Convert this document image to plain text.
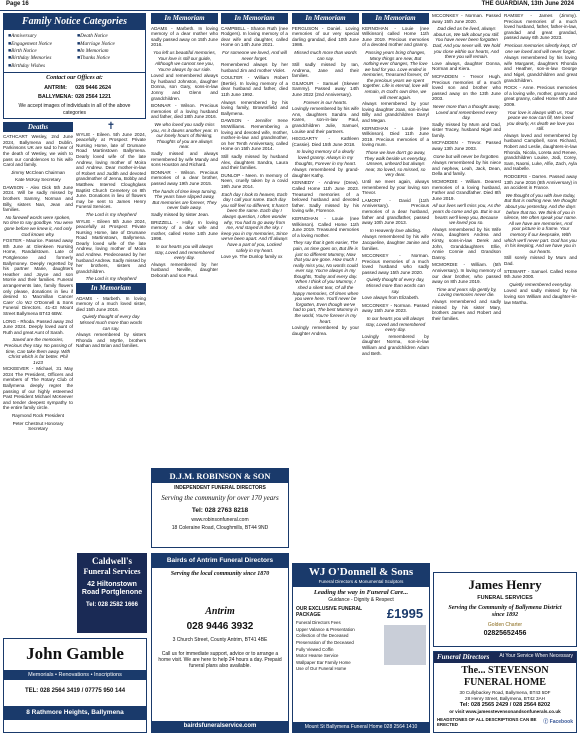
Page 16	THE GUARDIAN, 13th June 2024
Family Notice Categories
■ Anniversary
■ Engagement Notice
■ Birth Notice
■ Birthday Memories
■ Birthday Wishes
■ Death Notice
■ Marriage Notice
■ In Memoriam
■ Thanks Notice
Contact our Offices at:
ANTRIM:	028 9446 2624
BALLYMENA:	028 2564 1221
We accept images of individuals in all of the above categories
Deaths

CATHCART Wesley, 2nd June 2024, Ballymena and Dublin. Parkinsons UK are sad to hear of the death of Wesley, we wish to pass our condolences to his wife Carol and family.

Jimmy McClean Chairman

Kate McKay Secretary

DAWSON - Alex Dick 5th June 2024. Will be sadly missed by brothers Sammy, Norman and Billy, sisters Nan, Jean and families.

No farewell words were spoken, No time to say goodbye. You were gone before we knew it, And only God knows why.

FOSTER - Maurice. Passed away 8th June at Glenkeen Nursing Home, Randalstown. Late of Portglenone and formerly Ballymoney. Deeply regretted by his partner Marie, daughters Heather and Joyce and son Morrie and their families. Funeral arrangements late, family flowers only please, donations in lieu if desired to 'Macmillan Cancer Care' c/o WJ O'Donnell & Sons Funeral Directors. 41-43 Mount Street Ballymena BT43 6BW.

LONG - Rhoda. Passed away 2nd June 2024. Deeply loved aunt of Ruth and great Aunt of Sarah.

Saved are the memories, Precious they stay. No passing of time, Can take them away. With Christ which is far better. Phil 1v23

MCKEEVER - Michael, 31 May 2024 The President, Officers and members of The Rotary Club of Ballymena deeply regret the passing of our highly esteemed Past President Michael McKeever and tender deepest sympathy to the entire family circle.

Raymond Rock President

Peter Chestnut Honorary Secretary

✝

WYLIE - Eileen. 5th June 2024, peacefully at Prospect Private Nursing Home, late of Drumane Road Martinstown Ballymena. Dearly loved wife of the late Andrew, loving mother of Moira and Andrew. Dear mother-in-law of Robert and Judith and devoted grandmother of Jenna, Bobby and Matthew. Interred Cloughglass Baptist Church Cemetery on 8th June. Donations in lieu of flowers may be sent to James Henry Funeral Services.

The Lord is my shepherd

WYLIE - Eileen 5th June 2024, peacefully at Prospect Private Nursing Home, late of Drumane Road Martinstown, Ballymena. Dearly loved wife of the late Andrew, loving mother of Moira and Andrew. Predeceased by her husband Andrew. Sadly missed by her brothers, sisters and grandchildren.

The Lord is my shepherd

In Memoriam

ADAMS - Marbeth. In loving memory of a much loved sister, died 15th June 2016.

Quietly thought of every day Missed much more than words can say.

Always remembered by sisters Rhonda and Myrtle, brothers Nathan and Brian and families.

Caldwell's
Funeral Services
42 Hiltonstown Road Portglenone
Tel: 028 2582 1666
John Gamble
Memorials • Renovations • Inscriptions
TEL: 028 2564 3419 / 07775 950 144
8 Rathmore Heights, Ballymena
In Memoriam

ADAMS - Marbeth. In loving memory of a dear mother who sadly passed away on 15th June 2016.

You left us beautiful memories, Your love is still our guide, Although we cannot see you, You're always by our side.

Loved and remembered always by husband Johnston, daughter Donna, son Gary, sons-in-law Jonny and Glenn and grandchildren.

BONNAR - Wilson. Precious memories of a loving husband and father, died 18th June 2016.

We who loved you sadly miss you, As it dawns another year. In our lonely hours of thinking, Thoughts of you are always near.

Sadly missed and always remembered by wife Mandy and sons Houston and Richard.

BONNAR - Wilson. Precious memories of a dear brother, passed away 19th June 2015.

The hands of time keep turning, The years have slipped away, But memories are forever, They never fade away.

Sadly missed by sister Jean.

BRIZZELL - Holly. In loving memory of a dear wife and mother, called Home 14th June 1998.

In our hearts you will always stay, Loved and remembered every day.

Always remembered by her husband Neville, daughter Deborah and son Paul.

In Memoriam

CAMPBELL - Sharon Ruth (nee Rodgers). In loving memory of a dear wife and daughter, called Home on 14th June 2021.

For someone we loved, And will never forget.

Remembered always by her husband Jim and mother Violet.

COULTER - William Robert (Bertie). In loving memory of a dear husband and father, died 11th June 1992.

Always remembered by his loving family, Brownsfield and Ballymena.

DAWSON - Jennifer Irene McWilliams. Remembering a loving and devoted wife, mother, mother-in-law and grandmother, on her Tenth Anniversary, called Home on 15th June 2014.

Still sadly missed by husband Alex, daughters Sandra, Laura and their families.

DUNLOP - Neen. In memory of Neen, cruelly taken by a covid 19th June 2014.

Each day I look to heaven, Each day I call your name. Each day you still feel so different, It hasn't been the same. Each day I always question, I often wonder why, You had to go away from me, And stayed in the sky. I keep you in my memories, Since we've been apart. And I'll always have a part of you, Locked safely in my heart.

Love ye. The Dunlop family xx

D.J.M. ROBINSON & SON
INDEPENDENT FUNERAL DIRECTORS
Serving the community for over 170 years
Tel: 028 2763 8218
www.robinsonfuneral.com
18 Coleraine Road, Cloughmills, BT44 9ND
Bairds of Antrim Funeral Directors
Serving the local community since 1870
Antrim
028 9446 3932
3 Church Street, County Antrim, BT41 4BE
Call us for immediate support, advice or to arrange a home visit. We are here to help 24 hours a day. Prepaid funeral plans also available.
bairdsfuneralservice.com
In Memoriam

FERGUSON - Daniel. Loving memories of our very special darling grandad, died 10th June 1986.

Missed much more than words can say.

Still sadly missed by Ian, Andrena, Jane and their families.

GILMOUR - Samuel (Skewer Sammy). Passed away 14th June 2022 (2nd Anniversary).

Forever in our hearts.

Lovingly remembered by his wife Ann, daughters Sandra and Karen, son-in-law Paul, grandchildren Julie, Samuel, Louise and their partners.

HEGGARTY - Kathleen (Cassie). Died 15th June 2018.

In loving memory of a dearly loved granny. Always in my thoughts, Forever in my heart.

Always remembered by grand-daughter Kathy.

KENNEDY - Andrew (Drew). Called Home 11th June 2023. Treasured memories of a beloved husband and devoted father. Sadly missed by his loving wife, Florence.

KERNOHAN - Louie (nee Wilkinson). Called Home 11th June 2019. Treasured memories of a loving mother.

They say that it gets easier, The pain, as time goes on, But life is just so different Mummy, Now that you are gone. How much I really miss you, No words could ever say, You're always in my thoughts, Today and every day. When I think of you Mummy, I shed a silent tear, Of all the happy memories, Of times when you were here. You'll never be forgotten, Even though we've had to part, The best Mummy in the world, You're forever in my heart.

Lovingly remembered by your daughter Andrea.

In Memoriam

KERNOHAN - Louie (nee Wilkinson) called Home 11th June 2019. Precious memories of a devoted mother and granny.

Passing years bring changes, Many things are new, But nothing ever changes, The love we had for you. Love ended in memories, Treasured forever, Of the precious years we spent together. Life is eternal, love will remain, In God's own time, we will meet again.

Always remembered by your loving daughter Joan, son-in-law Billy and grandchildren Darryl and Megan.

KERNOHAN - Louie (nee Wilkinson). Died 11th June 2019. Precious memories of a loving mum.

Those we love don't go away, They walk beside us everyday, Unseen, unheard but always near, So loved, so missed, so very dear.

Until we meet again, always remembered by your loving son Trevor.

LAMONT - David (11th Anniversary). Precious memories of a dear husband, father and grandfather, passed away 10th June 2013.

In Heavenly love abiding.

Always remembered by his wife Jacqueline, daughter Janine and families.

MCCONKEY - Norman. Precious memories of a much loved husband who sadly passed away 15th June 2020.

Quietly thought of every day, Missed more than words can say.

Love always from Elizabeth.

MCCONKEY - Norman. Passed away 15th June 2023.

In our hearts you will always stay, Loved and remembered every day.

Lovingly remembered by daughter Norma, son-in-law William and grandchildren Adam and Beth.

WJ O'Donnell & Sons
Funeral Directors & Monumental Sculptors
Leading the way in Funeral Care...
Guidance - Dignity & Respect
OUR EXCLUSIVE FUNERAL PACKAGE
Funeral Directors Fees
Upper Valance & Presentation
Collection of the Deceased
Preservation of the Deceased
Fully Viewed Coffin
Motor Hearse Service
Wallpaper Ear Family Home
Use of Our Funeral Home
£1995
Mount St Ballymena Funeral Home 028 2564 1410

MCCONKEY - Norman. Passed away 15th June 2020.

Dad died as he lived, always about us, We talk about you still. You have never been forgotten Dad, And you never will. We hold you close within our hearts, And there you will remain.

Love always, daughter Donna, Norman and Kiera.

MCFADDEN - Trevor Hugh. Precious memories of a much loved son and brother who passed away on the 13th June 2003.

Never more than a thought away, Loved and remembered every day.

Sadly missed by Mum and Dad, sister Tracey, husband Nigel and family.

MCFADDEN - Trevor. Passed away 13th June 2003.

Gone but will never be forgotten.

Always remembered by his niece and nephew, Leah, Jack, Dean, Della and family.

MCMORDIE - William. Dearest memories of a loving husband, Father and Grandfather. Died 8th June 2019.

All our lives we'll miss you, As the years do come and go. But in our hearts we'll keep you, Because we loved you so.

Always remembered by his Wife Anna, daughters Andrea and Kirsty, sons-in-law Derek and John, Granddaughters Ellie, Annie Connie and Grandson Danny.

MCMORDIE - William. (5th Anniversary). In loving memory of our dear brother, who passed away on 8th June 2019.

Time and years slip gently by, Loving memories never die.

Always remembered and sadly missed by his sister Mary, brothers James and Robert and their families.

RAMSEY - James (Jimmy). Precious memories of a much loved husband, father, father-in-law, grandad and great grandad, passed away 6th June 2023.

Precious memories silently kept, Of one we loved and will never forget.

Always remembered by his loving wife Margaret, daughters Rhonda and Heather, son-in-law George and Nigel, grandchildren and great grandchildren.

ROCK - Anne. Precious memories of a loving wife, mother, granny and great granny, called Home 6th June 2009.

Your love is always with us, Your peace we now can fill, We loved you dearly, As death we love you still.

Always loved and remembered by husband Campbell, sons Richard, Robert and Leslie, daughters-in-law Rhonda, Nicola, Loreta and Renee, grandchildren Louise, Jodi, Corey, Sam, Naomi, Luke, Alfie, Zach, Ayla and Isabelle.

RODGERS - Darren. Passed away 13th June 2016 (8th Anniversary) in an accident in France.

We thought of you with love today, But that is nothing new. We thought about you yesterday, And the days before that too. We think of you in silence, We often speak your name. All we have are memories, And your picture in a frame. Your memory if our keepsake, With which we'll never part. God has you in his keeping, And we have you in our hearts.

Still sorely missed by Mum and Dad.

STEWART - Samuel. Called Home 9th June 2000.

Quietly remembered everyday.

Loved and sadly missed by his loving son William and daughter-in-law Martha.

James Henry
FUNERAL SERVICES
Serving the Community of Ballymena District since 1892
Golden Charter
02825652456
Funeral Directors At Your Service When Necessary
The... STEVENSON
FUNERAL HOME
30 Cullybackey Road, Ballymena, BT43 5DF
28 Henry Street, Ballymena, BT42 3AH
Tel: 028 2565 2429 / 028 2564 8202
or visit www.jamesstevensonandsonfunerals.co.uk
HEADSTONES OF ALL DESCRIPTIONS CAN BE ERECTED	ⓕ Facebook
